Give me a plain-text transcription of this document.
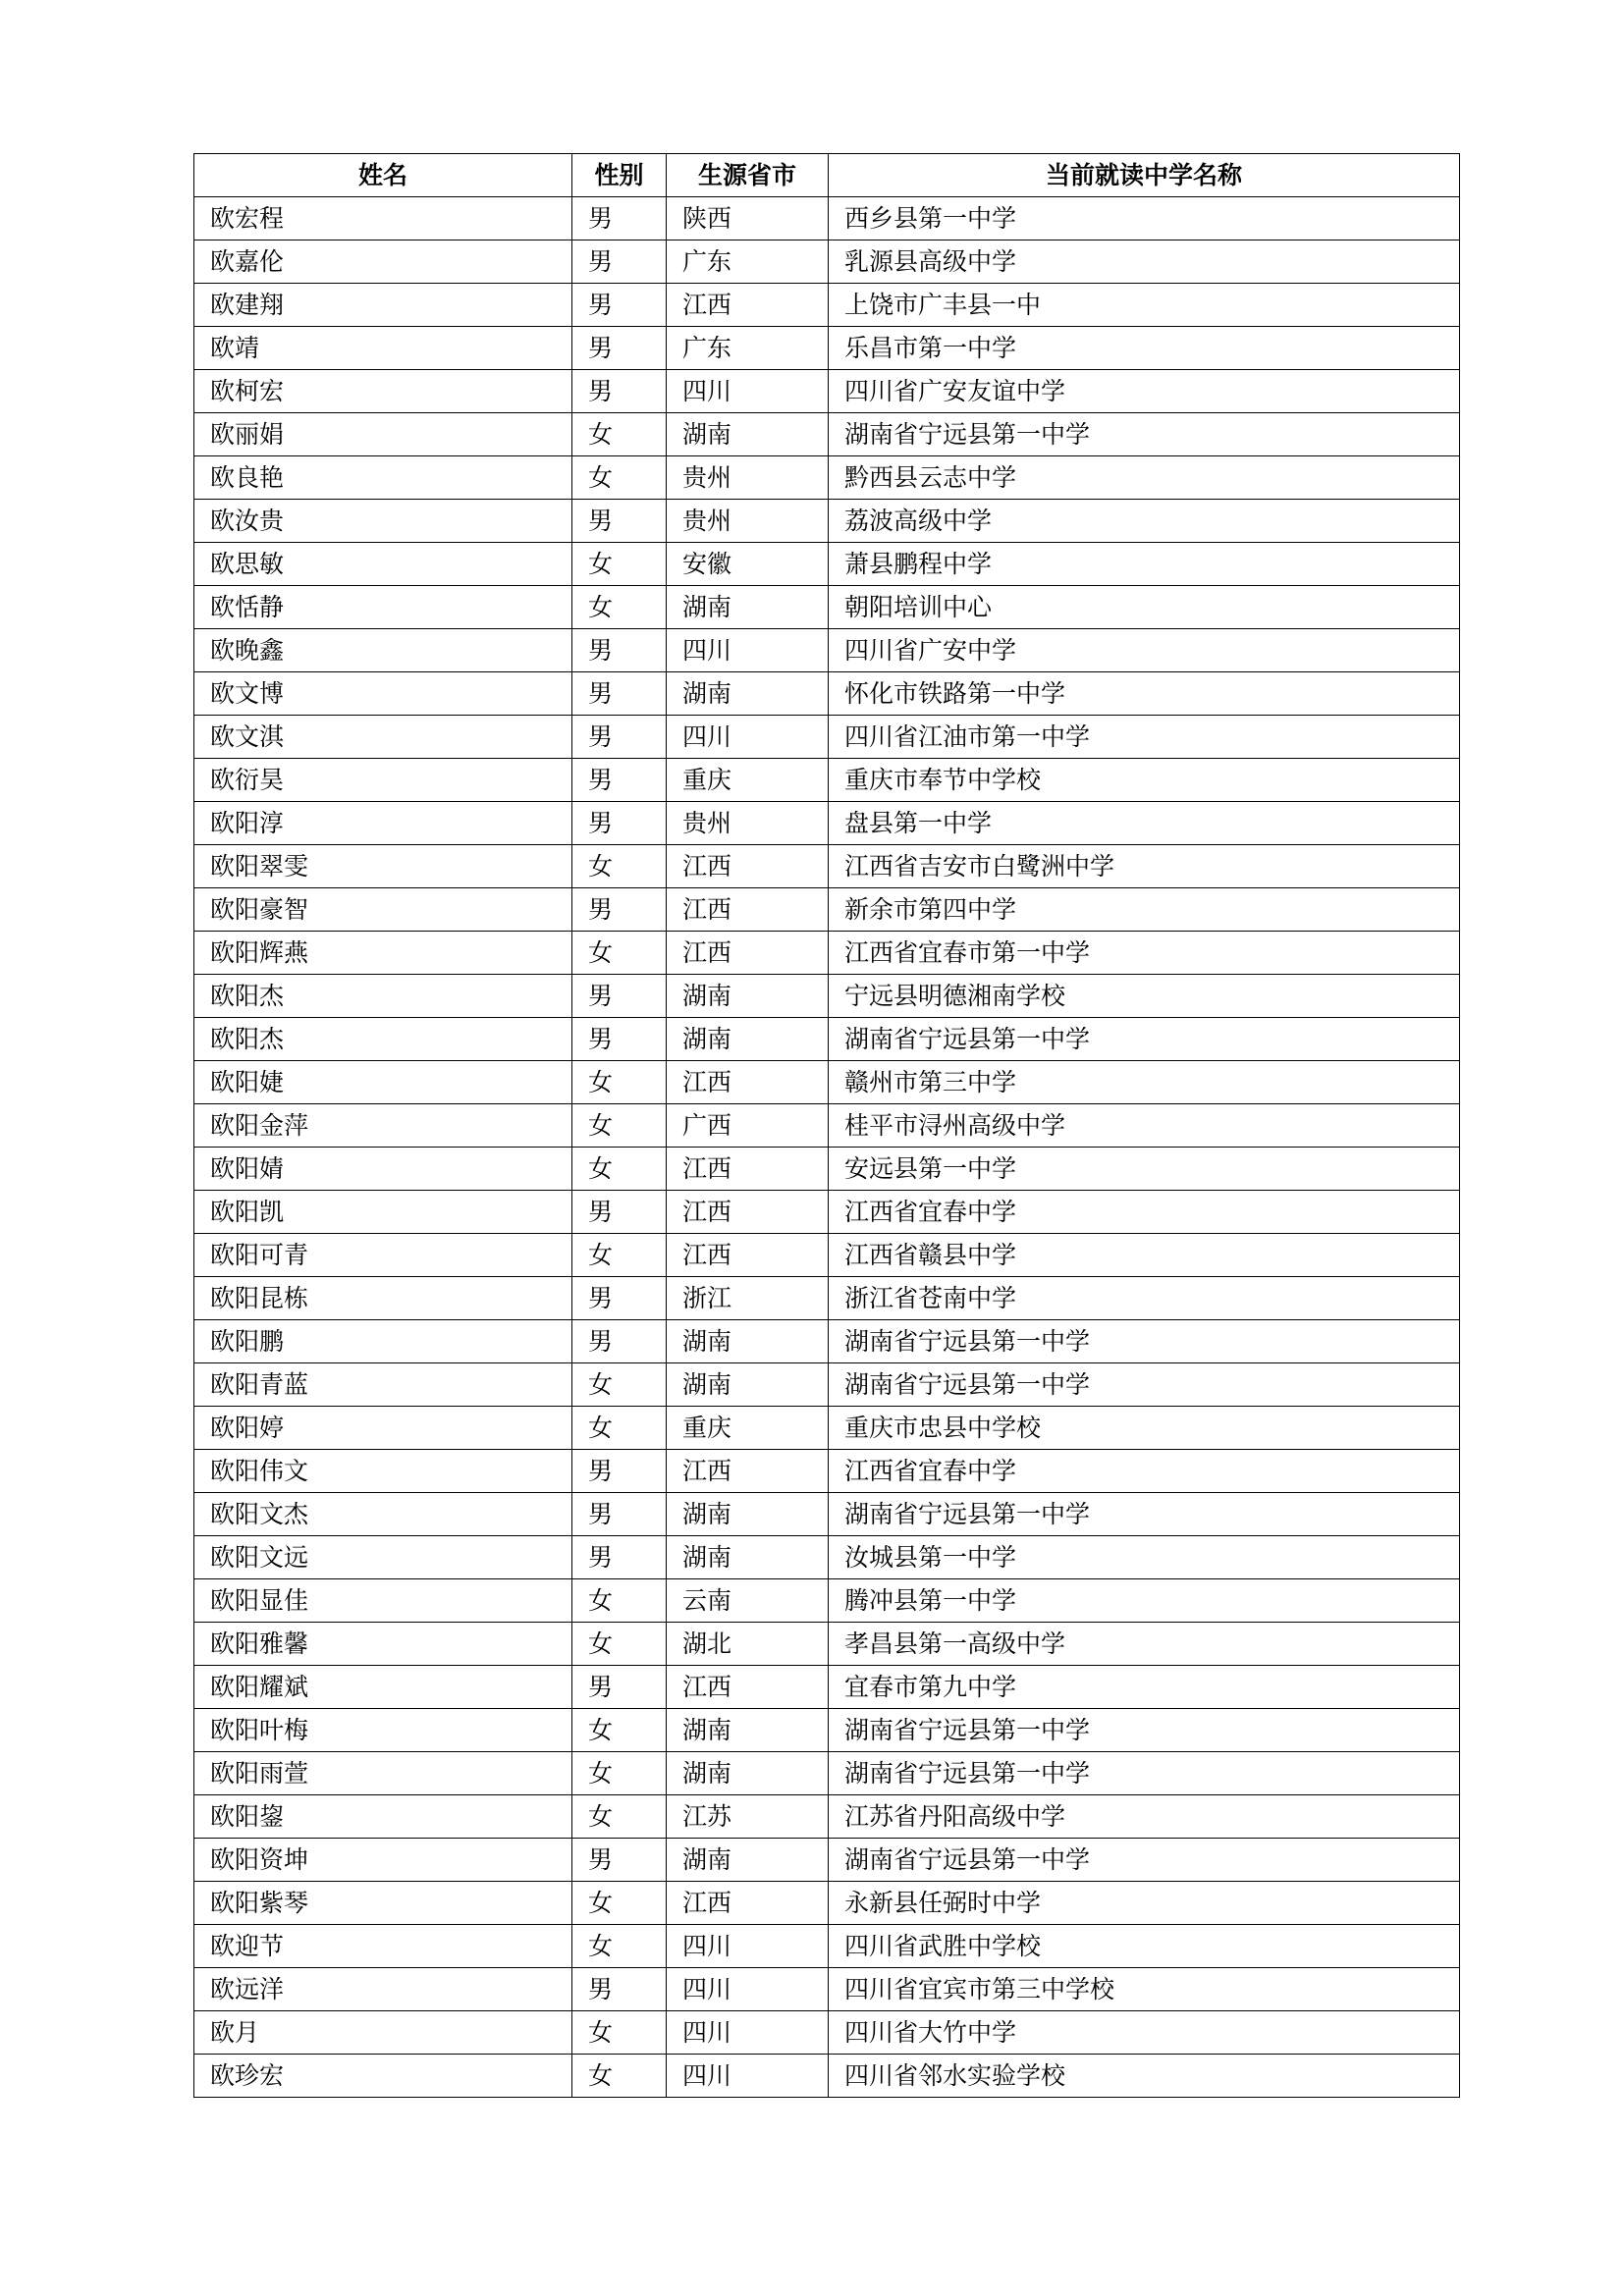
姓名	性别	生源省市	当前就读中学名称
欧宏程	男	陕西	西乡县第一中学
欧嘉伦	男	广东	乳源县高级中学
欧建翔	男	江西	上饶市广丰县一中
欧靖	男	广东	乐昌市第一中学
欧柯宏	男	四川	四川省广安友谊中学
欧丽娟	女	湖南	湖南省宁远县第一中学
欧良艳	女	贵州	黔西县云志中学
欧汝贵	男	贵州	荔波高级中学
欧思敏	女	安徽	萧县鹏程中学
欧恬静	女	湖南	朝阳培训中心
欧晚鑫	男	四川	四川省广安中学
欧文博	男	湖南	怀化市铁路第一中学
欧文淇	男	四川	四川省江油市第一中学
欧衍昊	男	重庆	重庆市奉节中学校
欧阳淳	男	贵州	盘县第一中学
欧阳翠雯	女	江西	江西省吉安市白鹭洲中学
欧阳豪智	男	江西	新余市第四中学
欧阳辉燕	女	江西	江西省宜春市第一中学
欧阳杰	男	湖南	宁远县明德湘南学校
欧阳杰	男	湖南	湖南省宁远县第一中学
欧阳婕	女	江西	赣州市第三中学
欧阳金萍	女	广西	桂平市浔州高级中学
欧阳婧	女	江西	安远县第一中学
欧阳凯	男	江西	江西省宜春中学
欧阳可青	女	江西	江西省赣县中学
欧阳昆栋	男	浙江	浙江省苍南中学
欧阳鹏	男	湖南	湖南省宁远县第一中学
欧阳青蓝	女	湖南	湖南省宁远县第一中学
欧阳婷	女	重庆	重庆市忠县中学校
欧阳伟文	男	江西	江西省宜春中学
欧阳文杰	男	湖南	湖南省宁远县第一中学
欧阳文远	男	湖南	汝城县第一中学
欧阳显佳	女	云南	腾冲县第一中学
欧阳雅馨	女	湖北	孝昌县第一高级中学
欧阳耀斌	男	江西	宜春市第九中学
欧阳叶梅	女	湖南	湖南省宁远县第一中学
欧阳雨萱	女	湖南	湖南省宁远县第一中学
欧阳鋆	女	江苏	江苏省丹阳高级中学
欧阳资坤	男	湖南	湖南省宁远县第一中学
欧阳紫琴	女	江西	永新县任弼时中学
欧迎节	女	四川	四川省武胜中学校
欧远洋	男	四川	四川省宜宾市第三中学校
欧月	女	四川	四川省大竹中学
欧珍宏	女	四川	四川省邻水实验学校
